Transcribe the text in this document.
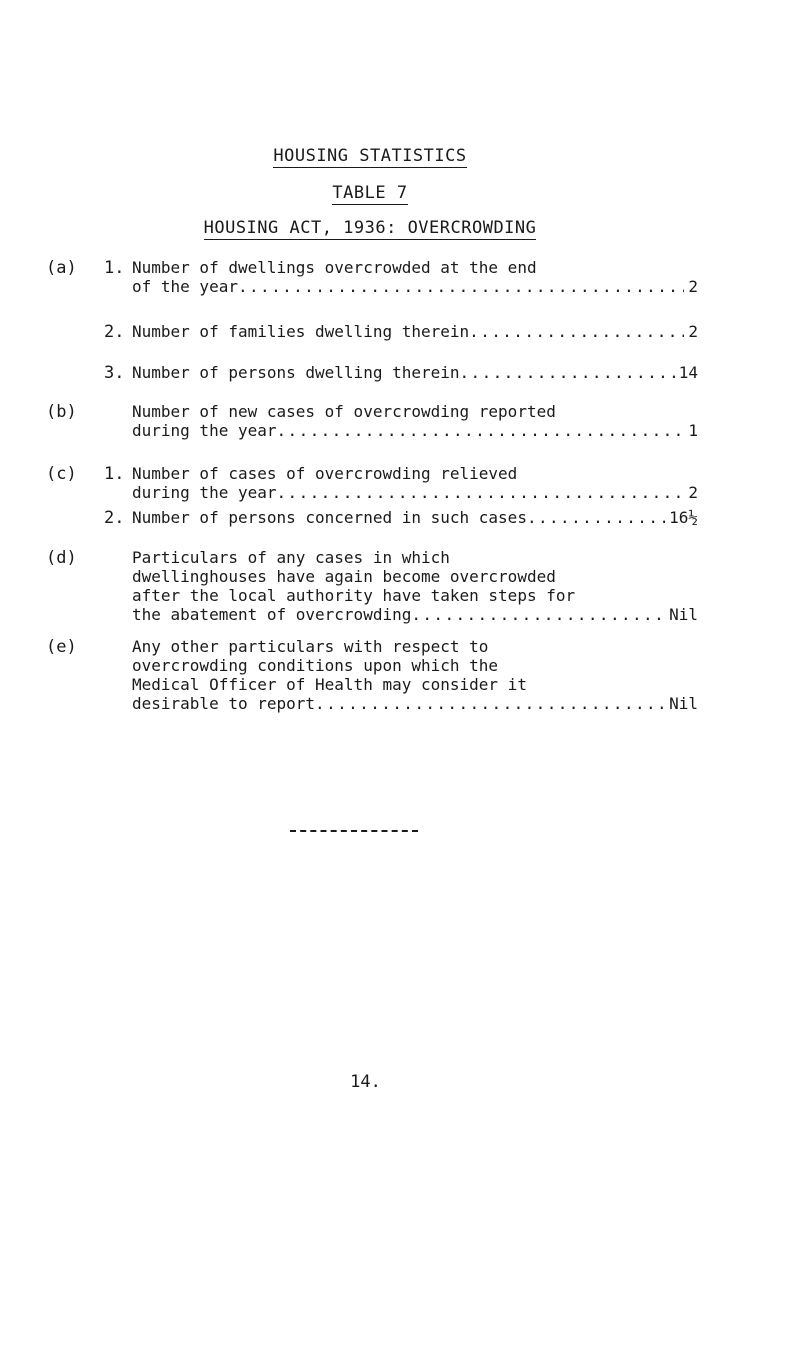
HOUSING STATISTICS
TABLE 7
HOUSING ACT, 1936: OVERCROWDING
(a) 1. Number of dwellings overcrowded at the end
of the year .....	2
2. Number of families dwelling therein .....	2
3. Number of persons dwelling therein .....	14
(b)	Number of new cases of overcrowding reported
during the year .....	1
(c) 1. Number of cases of overcrowding relieved
during the year .....	2
2. Number of persons concerned in such cases .....	16½
(d)	Particulars of any cases in which
dwellinghouses have again become overcrowded
after the local authority have taken steps for
the abatement of overcrowding .....	Nil
(e)	Any other particulars with respect to
overcrowding conditions upon which the
Medical Officer of Health may consider it
desirable to report .....	Nil
14.
